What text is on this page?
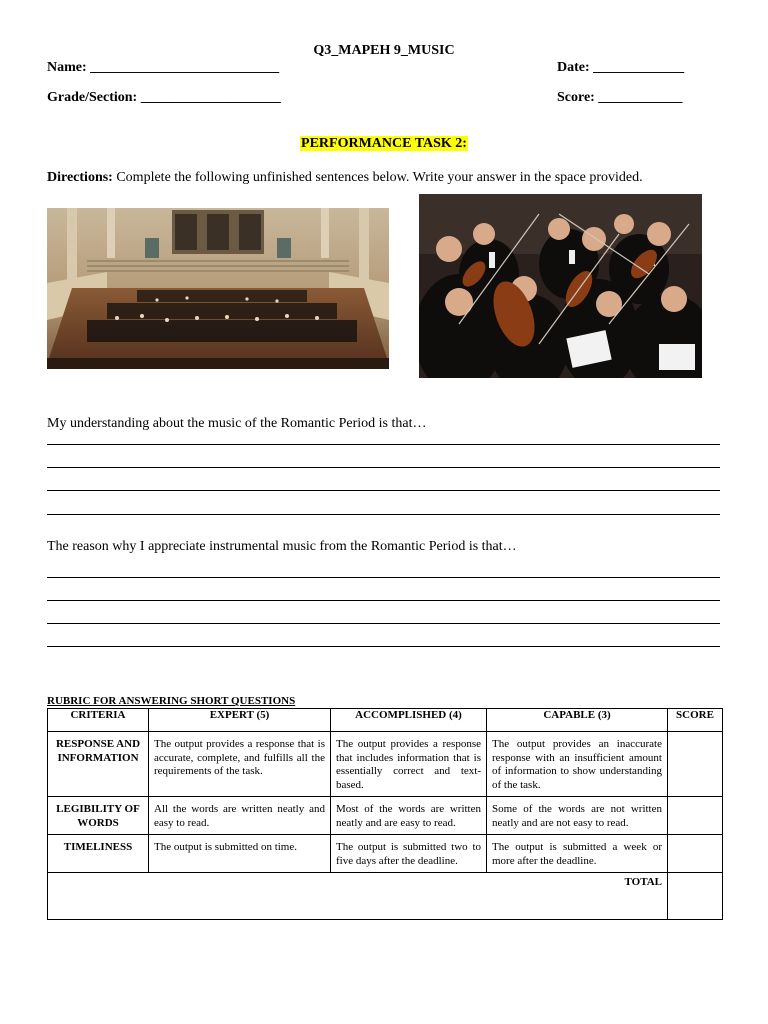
Q3_MAPEH 9_MUSIC
Name: ___________________________	Date: _____________
Grade/Section: ____________________	Score: ____________
PERFORMANCE TASK 2:
Directions: Complete the following unfinished sentences below. Write your answer in the space provided.
My understanding about the music of the Romantic Period is that…
The reason why I appreciate instrumental music from the Romantic Period is that…
RUBRIC FOR ANSWERING SHORT QUESTIONS
CRITERIA	EXPERT (5)	ACCOMPLISHED (4)	CAPABLE (3)	SCORE
RESPONSE AND INFORMATION	The output provides a response that is accurate, complete, and fulfills all the requirements of the task.	The output provides a response that includes information that is essentially correct and text-based.	The output provides an inaccurate response with an insufficient amount of information to show understanding of the task.	
LEGIBILITY OF WORDS	All the words are written neatly and easy to read.	Most of the words are written neatly and are easy to read.	Some of the words are not written neatly and are not easy to read.	
TIMELINESS	The output is submitted on time.	The output is submitted two to five days after the deadline.	The output is submitted a week or more after the deadline.	
TOTAL				
